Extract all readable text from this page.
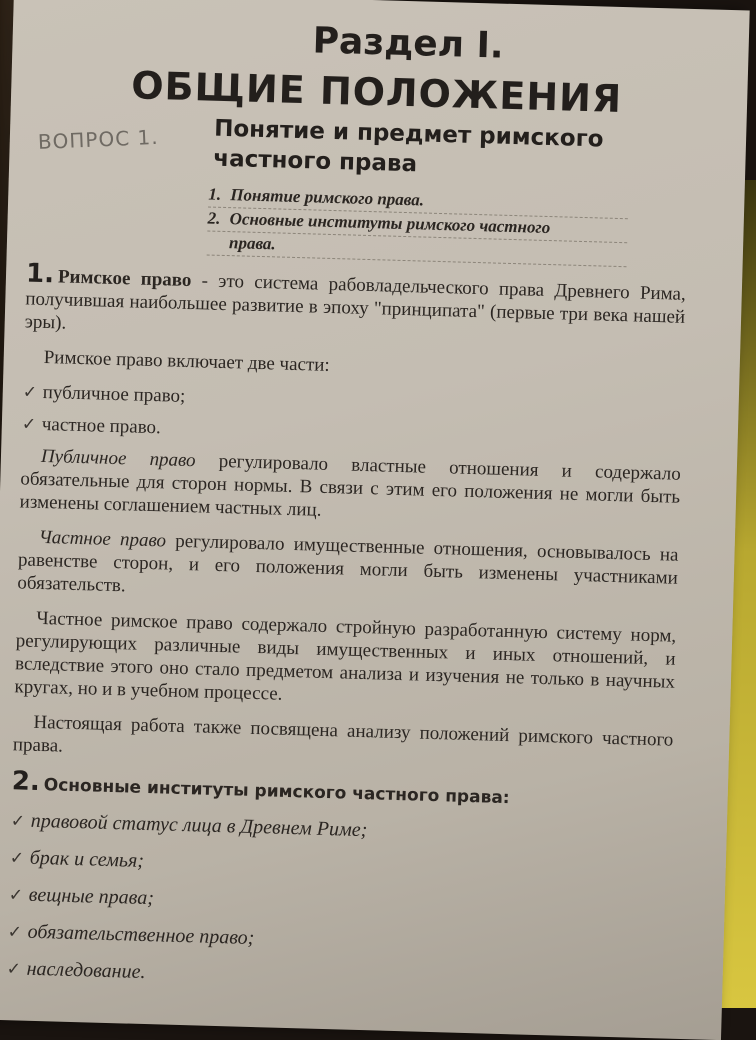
Раздел I.
ОБЩИЕ ПОЛОЖЕНИЯ
ВОПРОС 1. Понятие и предмет римского частного права
1. Понятие римского права.
2. Основные институты римского частного
права.

1. Римское право - это система рабовладельческого права Древнего Рима, получившая наибольшее развитие в эпоху "принципата" (первые три века нашей эры).

Римское право включает две части:

✓ публичное право;
✓ частное право.

Публичное право регулировало властные отношения и содержало обязательные для сторон нормы. В связи с этим его положения не могли быть изменены соглашением частных лиц.

Частное право регулировало имущественные отношения, основывалось на равенстве сторон, и его положения могли быть изменены участниками обязательств.

Частное римское право содержало стройную разработанную систему норм, регулирующих различные виды имущественных и иных отношений, и вследствие этого оно стало предметом анализа и изучения не только в научных кругах, но и в учебном процессе.

Настоящая работа также посвящена анализу положений римского частного права.

2. Основные институты римского частного права:

✓ правовой статус лица в Древнем Риме;
✓ брак и семья;
✓ вещные права;
✓ обязательственное право;
✓ наследование.
